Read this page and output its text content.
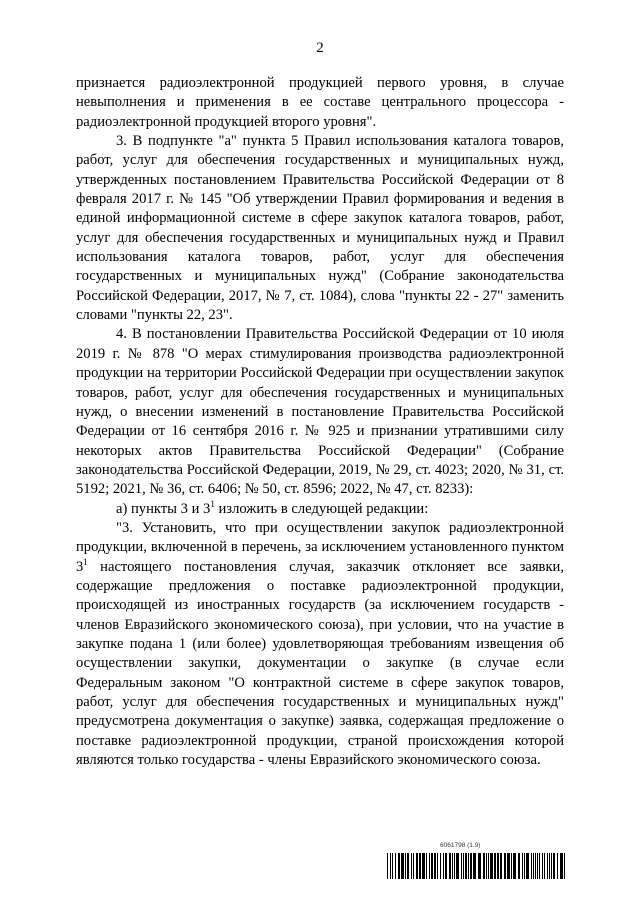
2

признается радиоэлектронной продукцией первого уровня, в случае невыполнения и применения в ее составе центрального процессора - радиоэлектронной продукцией второго уровня".

3. В подпункте "а" пункта 5 Правил использования каталога товаров, работ, услуг для обеспечения государственных и муниципальных нужд, утвержденных постановлением Правительства Российской Федерации от 8 февраля 2017 г. № 145 "Об утверждении Правил формирования и ведения в единой информационной системе в сфере закупок каталога товаров, работ, услуг для обеспечения государственных и муниципальных нужд и Правил использования каталога товаров, работ, услуг для обеспечения государственных и муниципальных нужд" (Собрание законодательства Российской Федерации, 2017, № 7, ст. 1084), слова "пункты 22 - 27" заменить словами "пункты 22, 23".

4. В постановлении Правительства Российской Федерации от 10 июля 2019 г. № 878 "О мерах стимулирования производства радиоэлектронной продукции на территории Российской Федерации при осуществлении закупок товаров, работ, услуг для обеспечения государственных и муниципальных нужд, о внесении изменений в постановление Правительства Российской Федерации от 16 сентября 2016 г. № 925 и признании утратившими силу некоторых актов Правительства Российской Федерации" (Собрание законодательства Российской Федерации, 2019, № 29, ст. 4023; 2020, № 31, ст. 5192; 2021, № 36, ст. 6406; № 50, ст. 8596; 2022, № 47, ст. 8233):

а) пункты 3 и $3^1$ изложить в следующей редакции:

"3. Установить, что при осуществлении закупок радиоэлектронной продукции, включенной в перечень, за исключением установленного пунктом $3^1$ настоящего постановления случая, заказчик отклоняет все заявки, содержащие предложения о поставке радиоэлектронной продукции, происходящей из иностранных государств (за исключением государств - членов Евразийского экономического союза), при условии, что на участие в закупке подана 1 (или более) удовлетворяющая требованиям извещения об осуществлении закупки, документации о закупке (в случае если Федеральным законом "О контрактной системе в сфере закупок товаров, работ, услуг для обеспечения государственных и муниципальных нужд" предусмотрена документация о закупке) заявка, содержащая предложение о поставке радиоэлектронной продукции, страной происхождения которой являются только государства - члены Евразийского экономического союза.

6061798 (1.9)
